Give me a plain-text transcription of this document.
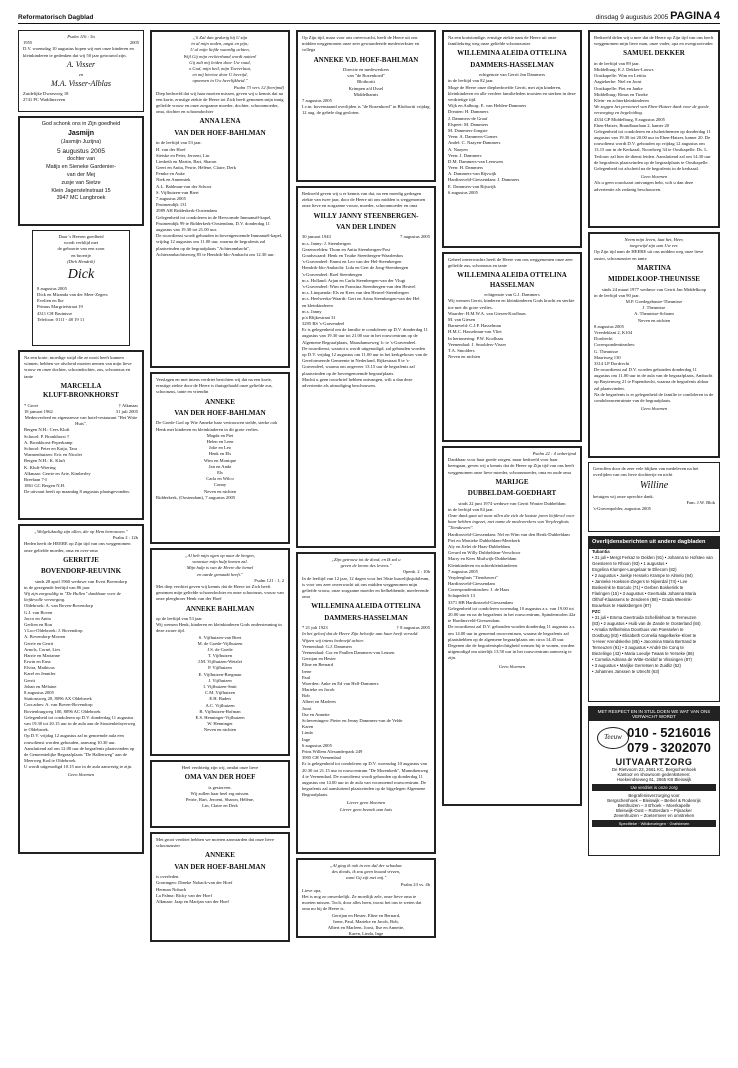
Reformatorisch Dagblad	dinsdag 9 augustus 2005 PAGINA 4
Psalm 116 : 5a
1955	2005
D.V. woensdag 10 augustus hopen wij met onze kinderen en kleinkinderen te gedenken dat wij 50 jaar getrouwd zijn.
A. Visser
en
M.A. Visser-Alblas
Zuidelijke Dwarsweg 18
2741 PC Waddinxveen
God schonk ons in Zijn goedheid
Jasmijn
(Jasmijn Juzijna)
5 augustus 2005
dochter van
Matijs en Sieneke Gardenier-
van der Mej
zusje van Sietze
Klein Jagerstelnstraat 15
3947 MC Langbroek
Daar 's Heeren goedheid
wordt verblijd met
de geboorte van een zoon
en broertje
(Dirk Hendrik)
Dick
8 augustus 2005
Dick en Miranda van der Meer-Zegers
Evelien en Ike
Primus Margrietstraat 19
4311 CH Bruinisse
Telefoon: 0111 - 48 19 11
Na een korte, moedige strijd die ze nooit heeft kunnen winnen, hebben we afscheid moeten nemen van mijn lieve vrouw en onze dochter, schoondochter, zus, schoonzus en tante
MARCELLA
KLUFT-BRONKHORST
* Groet	† Alkmaar
18 januari 1962	31 juli 2005
Medeoverleed en eigenaresse van hotel-restaurant "Het Witte Huis".
Bergen N.H.: Cees Kluft
Schoorl: P. Bronkhorst †
A. Bronkhorst-Peperkamp
Schoorl: Peter en Katja, Tara
Warmenhuizen: Eric en Nicolet
Bergen N.H.: K. Kluft
K. Kluft-Wiering
Alkmaar: Gerrie en Arie, Kimberley
Breelaan 7-I
1861 GC Bergen N.H.
De uitvaart heeft op maandag 8 augustus plaatsgevonden.
„Welgelukzalig zijn allen, die op Hem betrouwen."
Psalm 2 : 12b
Heden heeft de HEERE op Zijn tijd van ons weggenomen onze geliefde moeder, oma en over-oma
GERRITJE
BOVENDORP-REUVINK
sinds 28 april 1960 weduwe van Evert Bovendorp
in de gezegende leeftijd van 86 jaar.
Wij zijn zorgvuldig in "De Hullen" dankbaar voor de liefdevolle verzorging.
Oldebroek: A. van Boven-Bovendorp
G.J. van Boven
Jacco en Anita
Gerlien en Ron
't Loo-Oldebroek: J. Bovendorp
A. Bovendorp-Morren
Gerrie en Gerrit
Arnols, Corné, Lies
Harrie en Marianne
Erwin en Erna
Elvira, Mathicus
Karel en Jennifer
Gerrit
Johan en Mélaine
8 augustus 2005
Stationsweg 20, 8096 AX Oldebroek
Corr.adres: A. van Boven-Bovendorp
Bovtenburgweg 100, 8096 AC Oldebroek
Gelegenheid tot condoleren op D.V. donderdag 11 augustus van 19.30 tot 20.15 uur in de aula aan de Stoutenbelayerweg te Oldebroek.
Op D.V. vrijdag 12 augustus zal in genoemde aula een rouwdienst worden gehouden, aanvang 10.30 uur. Aansluitend zal om 12.00 uur de begrafenis plaatsvinden op de Gemeentelijke Begraafplaats "De Hallenweg" aan de Meerweg Kod te Oldebroek.
U wordt uitgenodigd 10.15 uur in de aula aanwezig te zijn.
Geen bloemen
„'k Zal dan gedurig bij U zijn
in al mijn noden, angst en pijn;
U al mijn liefde waardig achten,
Wijl Gij mijn rechterhand wordt natten!
Gij zult mij leiden door Uw raad,
o God, mijn heil, mijn Toeverlaat,
en mij hiertoe door U bevrijd,
opnemen in Uw heerlijkheid."
Psalm 73 vers 12 (berijmd)
Diep bedroefd dat wij haar moeten missen, geven wij u kennis dat na een korte, ernstige ziekte de Heere tot Zich heeft genomen mijn innig geliefde vrouw en onze zorgzame moeder, dochter, schoonmoeder, oma, dochter en schoondochter
ANNA LENA
VAN DER HOEF-BAHLMAN
in de leeftijd van 53 jaar.
H. van der Hoef
Sietske en Peter, Jeroeni, Lin
Liesbeth en Martin, Bart, Sharon
Geert en Anita, Petrie, Hélène, Claire, Derk
Femke en Auke
Niek en Annemiek
A.L. Bahlman-van der Schoor
S. Vijfhuizen-van Biert
7 augustus 2005
Pruimendijk 131
2989 AH Ridderkerk-Oostendam
Gelegenheid tot condoleren in de Hervormde Immanuël-kapel, Pruimendijk 99 te Ridderkerk-Oostendam, D.V. donderdag 11 augustus van 19.30 tot 21.00 uur.
De rouwdienst wordt gehouden in bovengenoemde Immanuël-kapel, vrijdag 12 augustus om 11.00 uur, waarna de begrafenis zal plaatsvinden op de begraafplaats "Achterambacht", Achterambachtseweg 85 te Hendrik-Ido-Ambacht om 12.30 uur.
Verslagen en met intens verdriet berichten wij dat na een korte, ernstige ziekte door de Heere is thuisgehaald onze geliefde zus, schoonzus, tante en vriendin
ANNEKE
VAN DER HOEF-BAHLMAN
De Goede God op Wie Anneke haar vertrouwen stelde, sterke ook Henk met kinderen en kleinkinderen in dit grote verlies.
Magda en Piet
Helen en Leen
Joke en Leo
Henk en Els
Wim en Monique
Jan en Anda
Els
Carla en Wilco
Conny
Neven en nichten
Ridderkerk, (Oostendam), 7 augustus 2005
„Al heb mijn ogen op naar de bergen,
vanwaar mijn hulp komen zal.
Mijn hulp is van de Heere die hemel
en aarde gemaakt heeft."
Psalm 121 : 1, 2
Met diep verdriet geven wij kennis dat de Heere tot Zich heeft genomen mijn geliefde schoondochter en onze schoonzus, vrouw van onze pleegbroer Henk van der Hoef
ANNEKE BAHLMAN
op de leeftijd van 53 jaar.
Wij wensen Henk, kinderen en kleinkinderen Gods ondersteuning in deze zware tijd.
S. Vijfhuizen-van Biert
M. de Goede-Vijfhuizen
J.S. de Goede
T. Vijfhuizen
J.M. Vijfhuizen-Wetzlet
P. Vijfhuizen
E. Vijfhuizen-Bregman
J. Vijfhuizen
I. Vijfhuizen-Smit
C.M. Vijfhuizen
E.H. Baden
A.C. Vijfhuizen
B. Vijfhuizen-Hofman
E.S. Henninger-Vijfhuizen
W. Henninger
Neven en nichten
Heel verdrietig zijn wij, omdat onze lieve
OMA VAN DER HOEF
is gestorven.
Wij zullen haar heel erg missen.
Petrie, Bart, Jeroeni, Sharon, Hélène,
Lin, Claire en Derk
Met groot verdriet hebben we moeten aanvaarden dat onze lieve schoonzuster
ANNEKE
VAN DER HOEF-BAHLMAN
is overleden.
Groningen: Dineke Noback-van der Hoef
Herman Noback
La Palma: Ricky van der Hoef
Alkmaar: Jaap en Marijan van der Hoef
Op Zijn tijd, maar voor ons onverwacht, heeft de Heere uit ons midden weggenomen onze zeer gewaardeerde medewerkster en collega
ANNEKE V.D. HOEF-BAHLMAN
Directie en medewerkers
van "de Rozenhoed"
Bloiboriti
Krimpen a/d IJssel
Middelharnis
7 augustus 2005
I.v.m. bovenstaand overlijden is "de Rozenhoed" in Bloiboriti vrijdag 12 aug. de gehele dag gesloten.
Bedroefd geven wij u er kennis van dat, na een moedig gedragen ziekte van twee jaar, door de Heere uit ons midden is weggenomen onze lieve en zorgzame vrouw, moeder, schoonmoeder en oma
WILLY JANNY STEENBERGEN-
VAN DER LINDEN
30 januari 1943	7 augustus 2005
m.s. Janny: J. Steenbergen
Gezenwelden: Thom en Anita Steenbergen-Post
Goudswaard: Henk en Truike Steenbergen-Waarlenbos
's-Gravendeel: Emmi en Leo van der Hel-Steenbergen
Hendrik-Ido-Ambacht: Lida en Gert de Jong-Steenbergen
's-Gravendeel: Roel Steenbergen
m.s. Holland: Arjan en Carla Steenbergen-van der Vlugt
's-Gravendeel: Wim en Francina Steenbergen-van den Heuvel
m.s. Linquenda: Els en Kees van den Heuvel-Steenbergen
m.s. Heelwerka-Waardt: Gert en Arina Steenbergen-van der Hel
en kleinkinderen
m.s. Janny
p/a Blijkestraat 31
3295 RS 's-Gravendeel
Er is gelegenheid om de familie te condoleren op D.V. donderdag 11 augustus van 19.30 uur tot 21.00 uur in het rouwcentrum op de Algemene Begraafplaats, Maasdamseweg 1c te 's-Gravendeel.
De rouwdienst, waartoi u wordt uitgenodigd, zal gehouden worden op D.V. vrijdag 12 augustus om 11.00 uur in het kerkgebouw van de Gereformeerde Gemeente in Nederland, Rijkestraat 8 te 's-Gravendeel, waarna om ongeveer 13.15 uur de begrafenis zal plaatsvinden op de bovengenoemde begraafplaats.
Machti u geen rouwbrief hebben ontvangen, wilt u dan deze advertentie als uitnodiging beschouwen.
„Zijn getrouw tot de dood, en Ik zal u
geven de kroon des levens."
Openb. 2 : 10b
In de leeftijd van 12 jaar, 12 dagen voor het 56ste huwelijksjubileum, is voor ons zeer onverwacht uit ons midden weggenomen mijn geliefde vrouw, onze zorgzame moeder en liefhebbende, meelevende oma
WILLEMINA ALEIDA OTTELINA
DAMMERS-HASSELMAN
* 21 juli 1923	† 8 augustus 2005
In het geloof dat de Heere Zijn beloofte aan haar heeft vervuld. Wijzen wij intens bedroefd achter.
Veenendaal: G.J. Dammers
Veenendaal: Cor en Paullen Dammers-van Leusen
Gerrijan en Hester
Eline en Bernard
Irene
Paul
Woerden: Anke en Ed van Hell-Dammers
Marieke en Jacob
Bob
Albert en Marleen
Joost
Ilse en Annette
Scheveningen: Pieter en Jenny Dammers-van de Velde
Karen
Linda
Inge
6 augustus 2005
Prins Willem Alexanderpark 249
3905 CH Veenendaal
Er is gelegenheid tot condoleren op D.V. woensdag 10 augustus van 20.30 tot 21.15 uur in rouwcentrum "De Morenkerk", Munnikenweg 4 te Veenendaal. De rouwdienst wordt gehouden op donderdag 11 augustus om 14.00 uur in de aula van voornoemd rouwcentrum. De begrafenis zal aansluitend plaatsvinden op de bijgelegen Algemene Begraafplaats.
Liever geen bloemen
Liever geen bezoek aan huis
„Al ging ik ook in een dal der schaduw
des doods, ik zou geen kwaad vrezen,
want Gij zijt met mij."
Psalm 23 vs. 4b
Lieve opa,
Het is nog zo onwerkelijk. Ze moetlijk zele, onze lieve oma te moeten missen. Toch, door alles heen, troost het ons te weten dat oma nu bij de Heere is.
Gerrijan en Hester, Eline en Bernard,
Irene, Paul, Marieke en Jacob, Bob,
Albert en Marleen, Joost, Ilse en Annette,
Karen, Linda, Inge
Na een kortstondige, ernstige ziekte nam de Heere uit onze familiekring weg onze geliefde schoonzuster
WILLEMINA ALEIDA OTTELINA
DAMMERS-HASSELMAN
echtgenote van Gerrit Jan Dammers
in de leeftijd van 82 jaar.
Moge de Heere onze diepbedroefde Gerrit, met zijn kinderen, kleinkinderen en alle verdere familieleden troosten en sterken in deze verdrietige tijd.
Wijk en Aalburg: E. van Helden-Dammers
Dreaten: H. Dammers
J. Dammers-de Graaf
Elspeet: M. Dammers
M. Dammers-Jongste
Veen: A. Dammers-Gomes
Andel: C. Naayen-Dammers
A. Naayen
Veen: J. Dammers
D.M. Dammers-van Leeuwen
Veen: H. Dammers
A. Dammers-van Rijswijk
Hardinxveld-Giessendam: J. Dammers
E. Dammers-van Rijswijk
6 augustus 2005
Geheel onverwachts heeft de Heere van ons weggenomen onze zeer geliefde zus, schoonzus en tante
WILLEMINA ALEIDA OTTELINA HASSELMAN
echtgenote van G.J. Dammers
Wij wensen Gerrit, kinderen en kleinkinderen Gods kracht en sterkte toe met dit grote verlies.
Waarder: H.M.W.A. van Giesen-Koolhaas
M. van Giesen
Barneveld: C.J.P. Hasselman
H.M.C. Hasselman-van Vliet
In herinnering: P.W. Koolhaas
Veenendaal: J. Smolders-Visser
T.A. Smolders
Neven en nichten
Psalm 22 : 4 onberijmd
Dankbaar voor haar goede zorgen, maar bedroefd voor haar heengaan, geven wij u kennis dat de Heere op Zijn tijd van ons heeft weggenomen onze lieve moeder, schoonmoeder, oma en oude oma
MARIJGE
DUBBELDAM-GOEDHART
sinds 22 juni 1974 weduwe van Gerrit Wouter Dubbeldam
in de leeftijd van 84 jaar.
Onze dank gaat uit naar allen die zich de laatste jaren liefdevol voor haar hebben ingezet, met name de medewerkers van Verpleeghuis "Tienduwert".
Hardinxveld-Giessendam: Nel en Wim van den Herik-Dubbeldam
Piet en Monieke Dubbeldam-Meerkerk
Aly en Jielet de Haas-Dubbeldam
Gerard en Willy Dubbeldam-Verschoor
Marry en Kees Muilwijk-Dubbeldam
Kleinkinderen en achterkleinkinderen
7 augustus 2005
Verpleeghuis "Tienduwert"
Hardinxveld-Giessendam
Correspondentieadres: J. de Haas
Schapedrift 13
3371 HB Hardinxveld-Giessendam
Gelegenheid tot condoleren woensdag 10 augustus a.s. van 19.00 tot 20.00 uur en na de begrafenis in het rouwcentrum, Spindermolen 42a te Hardinxveld-Giessendam.
De rouwdienst zal D.V. gehouden worden donderdag 11 augustus a.s. om 14.00 uur in genoemd rouwcentrum, waarna de begrafenis zal plaatshebben op de algemene begraafplaats om circa 14.45 uur.
Degenen die de begrafenisplechtigheid wensen bij te wonen, worden uitgenodigd om uiterlijk 13.50 uur in het rouwcentrum aanwezig te zijn.
Geen bloemen
Bedroefd delen wij u mee dat de Heere op Zijn tijd van ons heeft weggenomen mijn lieve man, onze vader, opa en overgrootvader
SAMUEL DEKKER
in de leeftijd van 89 jaar.
Middelburg: E.J. Dekker-Louws
Oostkapelle: Wim en Letitia
Aagtekerke: Niel en Joost
Oostkapelle: Piet en Janke
Middelburg: Rinus en Tineke
Klein- en achterkleinkinderen
We zeggen het personeel van Ehen-Hatzer dank voor de goede verzorging en begeleiding.
4334 GP Middelburg, 8 augustus 2005
Ehen-Hatzer, Brandhaarlaan 2, kamer 20
Gelegenheid tot condoleren en afscheidnemen op donderdag 11 augustus van 19.30 tot 20.00 uur in Ehen-Hatzer, kamer 20. De rouwdienst wordt D.V. gehouden op vrijdag 12 augustus om 13.15 uur in de Kerkzaal, Noordweg 34 te Oostkapelle. Ds. L. Terlouw zal hier de dienst leiden. Aansluitend zal om 14.30 uur de begrafenis plaatsvinden op de begraafplaats te Oostkapelle. Gelegenheid tot afscheid na de begrafenis in de kerkzaal.
Geen bloemen
Als u geen rouwkaart ontvangen hebt, wilt u dan deze advertentie als zodanig beschouwen.
Neem mijn leven, laat het, Heer,
toegewijd zijn aan Uw eer.
Op Zijn tijd nam de HEERE uit ons midden weg onze lieve zuster, schoonzuster en tante
MARTINA
MIDDELKOOP-THEUNISSE
sinds 24 maart 1977 weduwe van Gerrit Jan Middelkoop
in de leeftijd van 90 jaar.
M.P. Goedegebuure-Theunisse
J. Theunisse
A. Theunisse-Schram
Neven en nichten
8 augustus 2005
Vreedeklant 2, K104
Dordrecht
Correspondentieadres:
G. Theunisse
Maartweg 130
3314 LP Dordrecht
De rouwdienst zal D.V. worden gehouden donderdag 11 augustus om 11.00 uur in de aula van de begraafplaats, Ambacht op Buytenweg 21 te Papendrecht, waarna de begrafenis aldaar zal plaatsvinden.
Na de begrafenis is er gelegenheid de familie te condoleren in de condoleancenruimte van de begraafplaats.
Geen bloemen
Getroffen door de zeer vele blijken van medeleven na het overlijden van ons lieve dochtertje en nicht
Willine
betuigen wij onze oprechte dank.
Fam. J.W. Blok
's-Gravenpolder, augustus 2005
Overlijdensberichten uit andere dagbladen
Tubantia
• 31 juli • Mergt Ferkaz te Delden (91) • Johanna te Hofstee van Geesteren te Rhoon (93) • 1 augustus •
Engelina Klumper-Langelaar te Ellecom (82)
• 2 augustus • Joekje Hesselo Krampe te Almelo (94)
• Janneke Hoeksen-Ziegers te Nijverdal (74) • Lee
Boskerink te Borculo (71) • Gerben Boskerink te
Flaringen (15) • 3 augustus • Geertuida Johanna Maria
Olthof-Klaassens te Zenderen (88) • Grada Weerink-
Bouwhuis te Haaksbergen (87)
PZC
• 31 juli • Emma Geertruida Schellinkhout te Terneuzen
(83) • 2 augustus • Huib van de Zande te Oosterland (84)
• Amalia Wilhelmina Doortluus van Poesselen te
Oostburg (83) • Elisabeth Cornelia Nagelkerke-Kloet te
's-Heer Arendskerke (85) • Jacomina Maria Bertrand te
Terneuzen (91) • 3 augustus • André De Conq te
Biezelinge (43) • Maria Loeolje Twaas te Yerseke (86)
• Cornelia Adriana de Witte-Geldof te Vlissingen (87)
• 3 augustus • Marijke Gerretsen te Zuidliz (52)
• Johannes Janssen te Utrecht (63)
MET RESPECT EN IN STIJL DOEN WE WAT VAN ONS VERWACHT WORDT
Teeuw 010 - 5216016
079 - 3202070
UITVAARTZORG
De Rietvoorn 23, 2661 KC, Bergschenhoek
Kantoor en showroom gedenkstenen:
Hoekeindseweg 61, 2665 KB Bleiswijk
Uw verdriet is onze zorg
Begrafenisverzorging voor
Bergschenhoek – Bleiswijk – Berkel & Rodenrijs
Benthuizen – 3 B'hoek – Moerkapelle
Bleiswijk-Oost – Rotterdam – Pijnacker
Zevenhuizen – Zoetermeer en omstreken
Specifieke · Wildkeuringen · Grafstenen
